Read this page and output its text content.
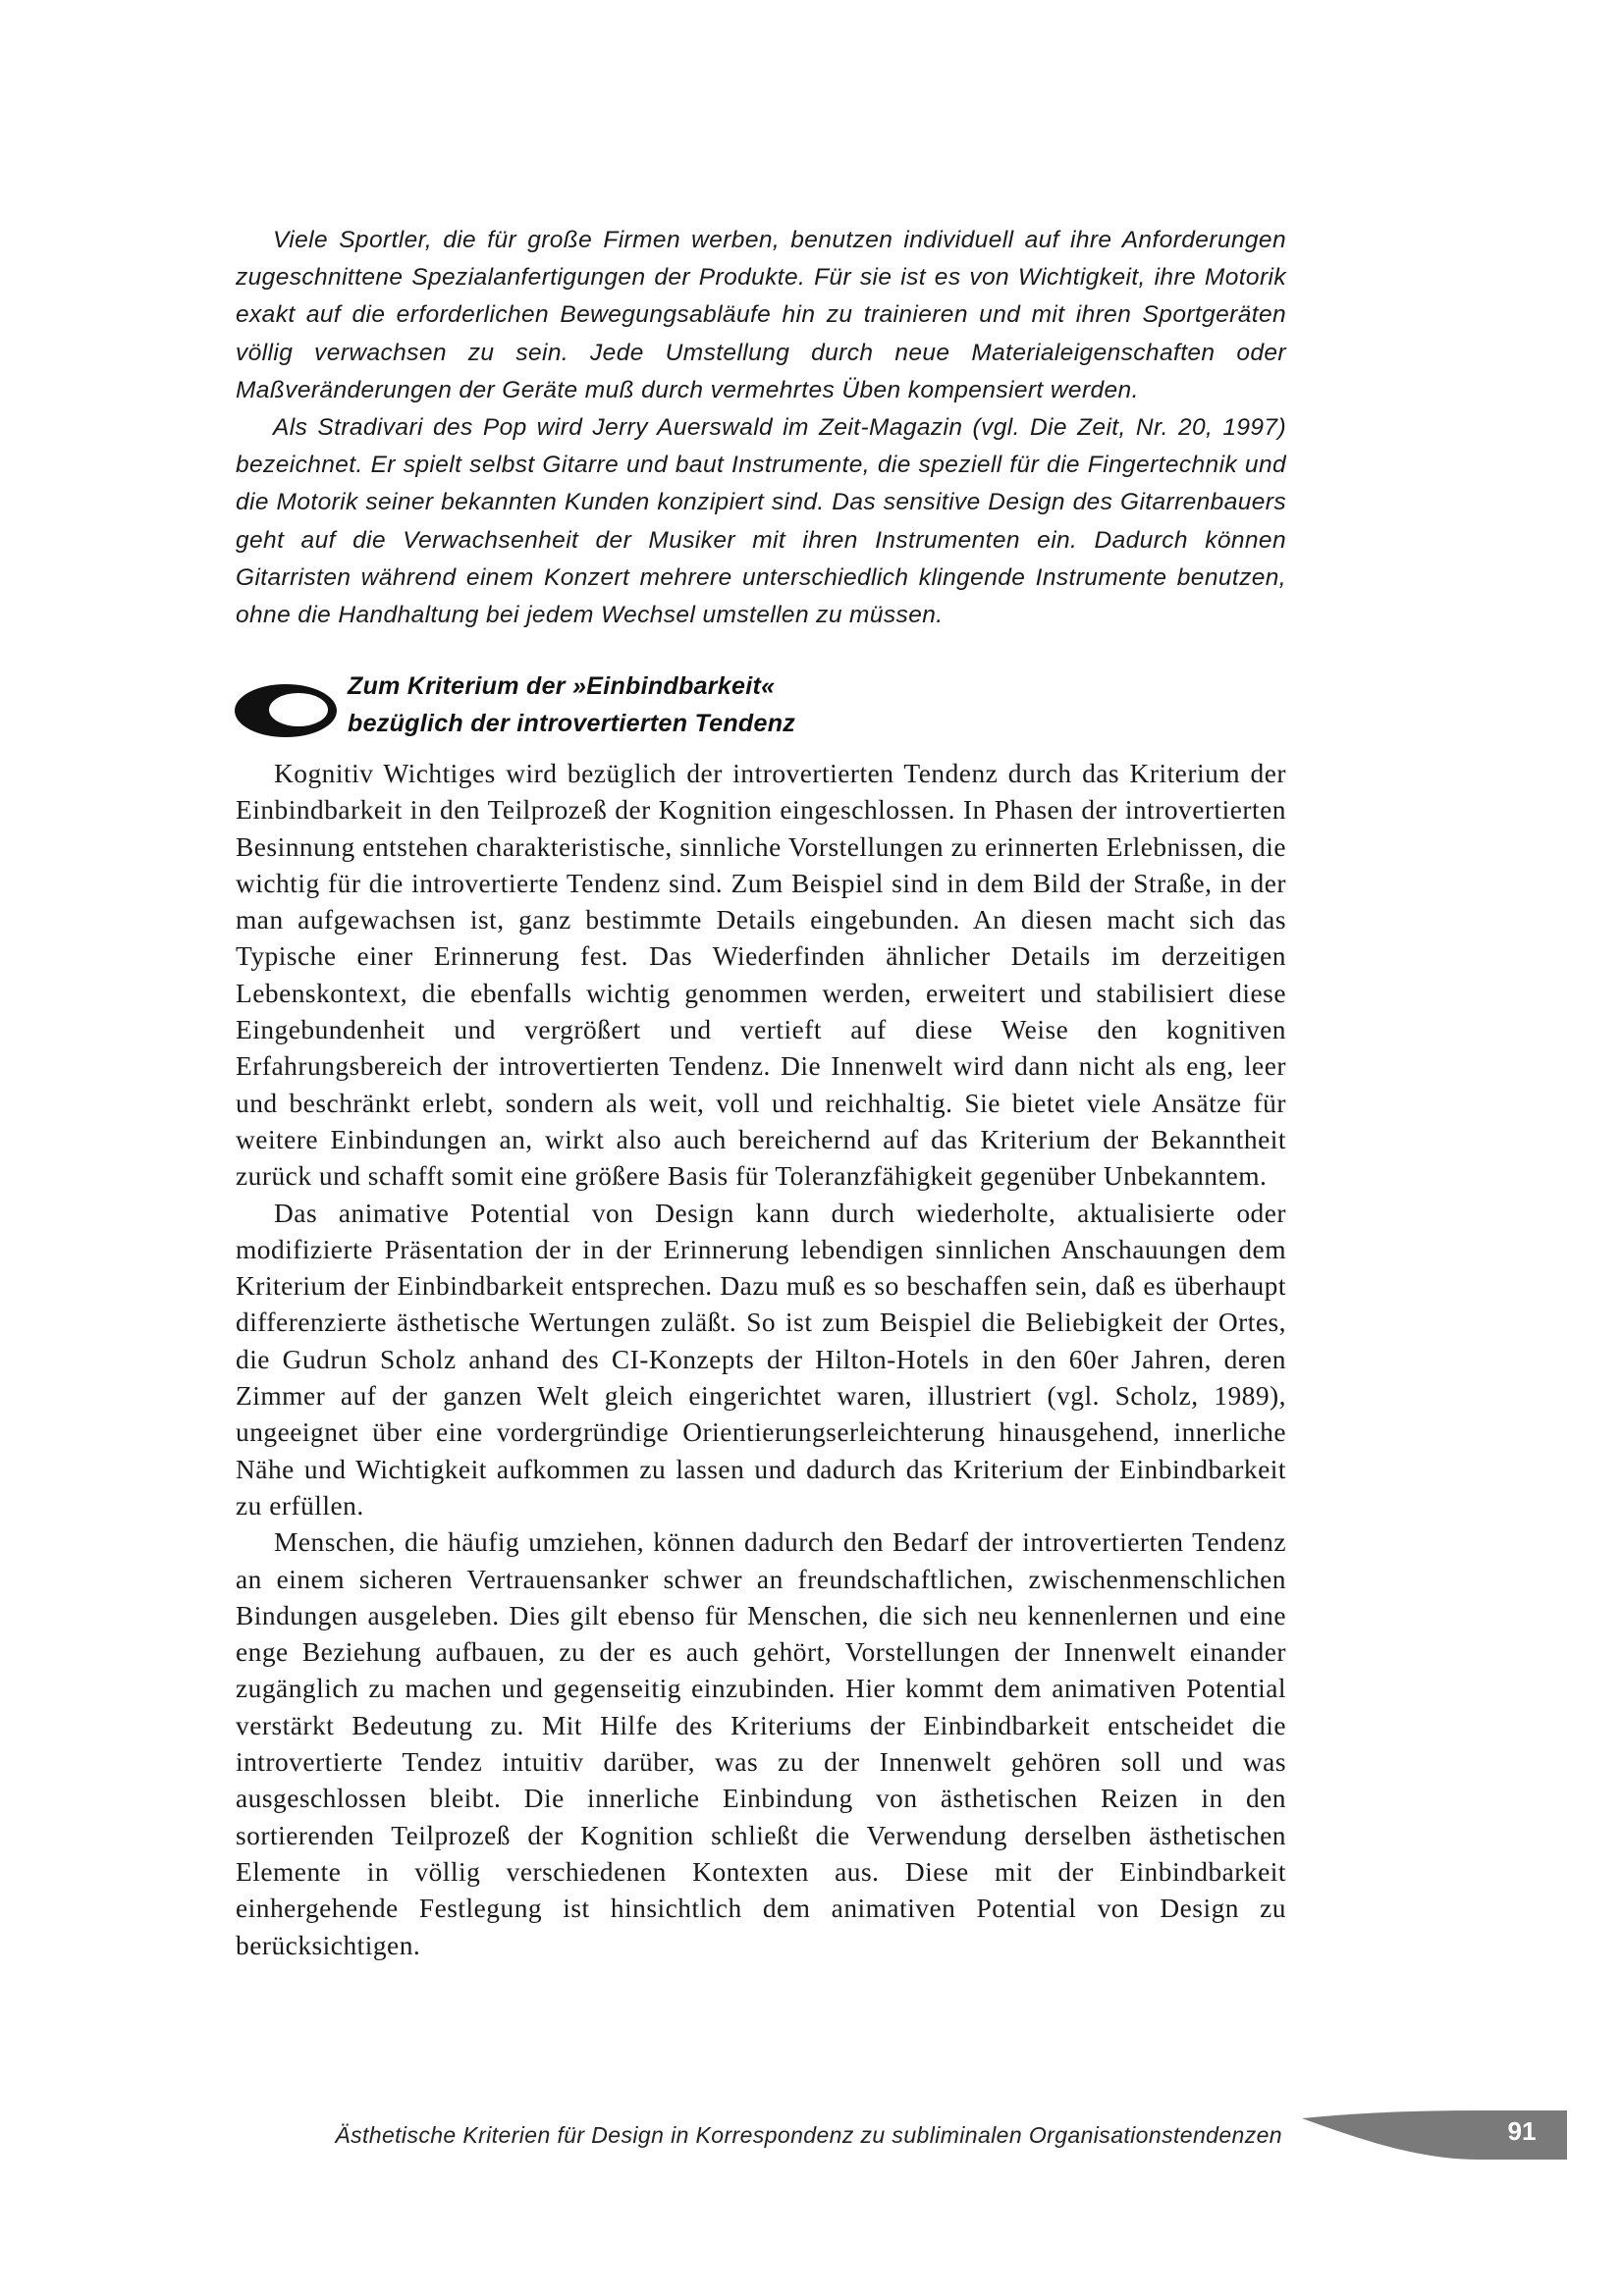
Viele Sportler, die für große Firmen werben, benutzen individuell auf ihre Anforderungen zugeschnittene Spezialanfertigungen der Produkte. Für sie ist es von Wichtigkeit, ihre Motorik exakt auf die erforderlichen Bewegungsabläufe hin zu trainieren und mit ihren Sportgeräten völlig verwachsen zu sein. Jede Umstellung durch neue Materialeigenschaften oder Maßveränderungen der Geräte muß durch vermehrtes Üben kompensiert werden.

Als Stradivari des Pop wird Jerry Auerswald im Zeit-Magazin (vgl. Die Zeit, Nr. 20, 1997) bezeichnet. Er spielt selbst Gitarre und baut Instrumente, die speziell für die Fingertechnik und die Motorik seiner bekannten Kunden konzipiert sind. Das sensitive Design des Gitarrenbauers geht auf die Verwachsenheit der Musiker mit ihren Instrumenten ein. Dadurch können Gitarristen während einem Konzert mehrere unterschiedlich klingende Instrumente benutzen, ohne die Handhaltung bei jedem Wechsel umstellen zu müssen.

Zum Kriterium der »Einbindbarkeit«
bezüglich der introvertierten Tendenz

Kognitiv Wichtiges wird bezüglich der introvertierten Tendenz durch das Kriterium der Einbindbarkeit in den Teilprozeß der Kognition eingeschlossen. In Phasen der introvertierten Besinnung entstehen charakteristische, sinnliche Vorstellungen zu erinnerten Erlebnissen, die wichtig für die introvertierte Tendenz sind. Zum Beispiel sind in dem Bild der Straße, in der man aufgewachsen ist, ganz bestimmte Details eingebunden. An diesen macht sich das Typische einer Erinnerung fest. Das Wiederfinden ähnlicher Details im derzeitigen Lebenskontext, die ebenfalls wichtig genommen werden, erweitert und stabilisiert diese Eingebundenheit und vergrößert und vertieft auf diese Weise den kognitiven Erfahrungsbereich der introvertierten Tendenz. Die Innenwelt wird dann nicht als eng, leer und beschränkt erlebt, sondern als weit, voll und reichhaltig. Sie bietet viele Ansätze für weitere Einbindungen an, wirkt also auch bereichernd auf das Kriterium der Bekanntheit zurück und schafft somit eine größere Basis für Toleranzfähigkeit gegenüber Unbekanntem.

Das animative Potential von Design kann durch wiederholte, aktualisierte oder modifizierte Präsentation der in der Erinnerung lebendigen sinnlichen Anschauungen dem Kriterium der Einbindbarkeit entsprechen. Dazu muß es so beschaffen sein, daß es überhaupt differenzierte ästhetische Wertungen zuläßt. So ist zum Beispiel die Beliebigkeit der Ortes, die Gudrun Scholz anhand des CI-Konzepts der Hilton-Hotels in den 60er Jahren, deren Zimmer auf der ganzen Welt gleich eingerichtet waren, illustriert (vgl. Scholz, 1989), ungeeignet über eine vordergründige Orientierungserleichterung hinausgehend, innerliche Nähe und Wichtigkeit aufkommen zu lassen und dadurch das Kriterium der Einbindbarkeit zu erfüllen.

Menschen, die häufig umziehen, können dadurch den Bedarf der introvertierten Tendenz an einem sicheren Vertrauensanker schwer an freundschaftlichen, zwischenmenschlichen Bindungen ausgeleben. Dies gilt ebenso für Menschen, die sich neu kennenlernen und eine enge Beziehung aufbauen, zu der es auch gehört, Vorstellungen der Innenwelt einander zugänglich zu machen und gegenseitig einzubinden. Hier kommt dem animativen Potential verstärkt Bedeutung zu. Mit Hilfe des Kriteriums der Einbindbarkeit entscheidet die introvertierte Tendez intuitiv darüber, was zu der Innenwelt gehören soll und was ausgeschlossen bleibt. Die innerliche Einbindung von ästhetischen Reizen in den sortierenden Teilprozeß der Kognition schließt die Verwendung derselben ästhetischen Elemente in völlig verschiedenen Kontexten aus. Diese mit der Einbindbarkeit einhergehende Festlegung ist hinsichtlich dem animativen Potential von Design zu berücksichtigen.

Ästhetische Kriterien für Design in Korrespondenz zu subliminalen Organisationstendenzen	91
